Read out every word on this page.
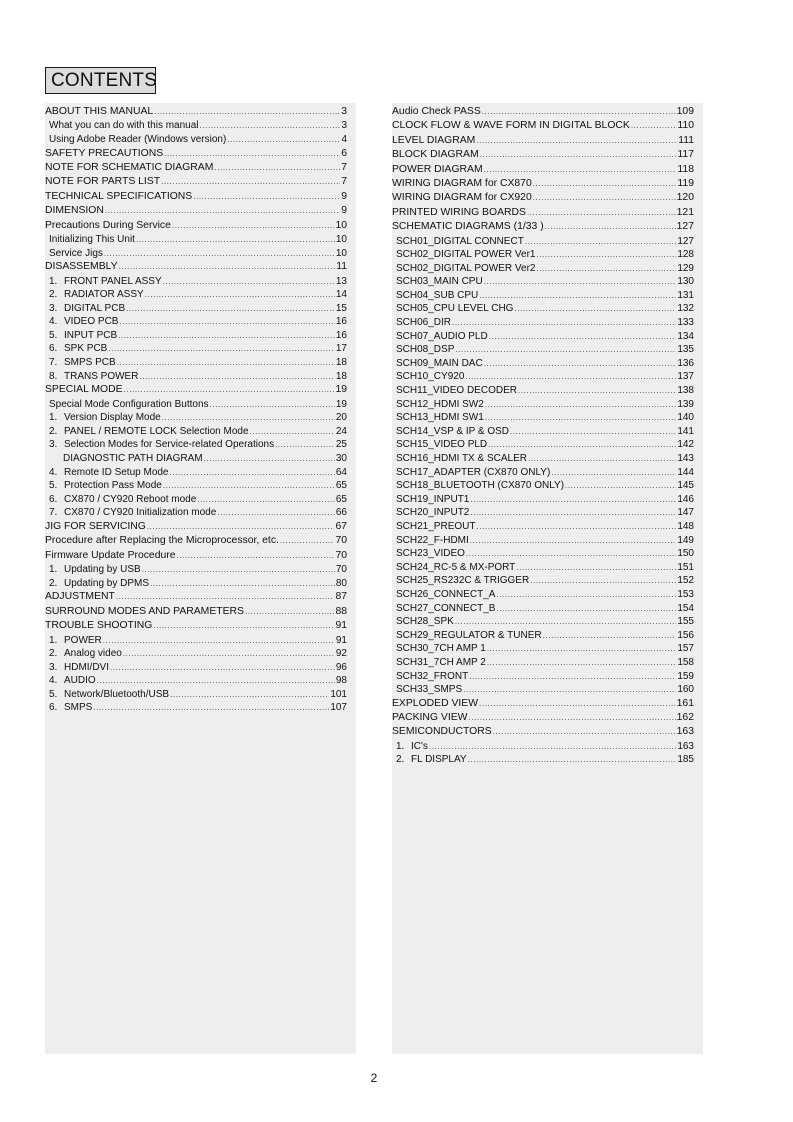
CONTENTS
ABOUT THIS MANUAL .....	3
What you can do with this manual .....	3
Using Adobe Reader (Windows version) .....	4
SAFETY PRECAUTIONS .....	6
NOTE FOR SCHEMATIC DIAGRAM .....	7
NOTE FOR PARTS LIST .....	7
TECHNICAL SPECIFICATIONS .....	9
DIMENSION .....	9
Precautions During Service .....	10
Initializing This Unit .....	10
Service Jigs .....	10
DISASSEMBLY .....	11
1. FRONT PANEL ASSY .....	13
2. RADIATOR ASSY .....	14
3. DIGITAL PCB .....	15
4. VIDEO PCB .....	16
5. INPUT PCB .....	16
6. SPK PCB .....	17
7. SMPS PCB .....	18
8. TRANS POWER .....	18
SPECIAL MODE .....	19
Special Mode Configuration Buttons .....	19
1. Version Display Mode .....	20
2. PANEL / REMOTE LOCK Selection Mode .....	24
3. Selection Modes for Service-related Operations .....	25
DIAGNOSTIC PATH DIAGRAM .....	30
4. Remote ID Setup Mode .....	64
5. Protection Pass Mode .....	65
6. CX870 / CY920 Reboot mode .....	65
7. CX870 / CY920 Initialization mode .....	66
JIG FOR SERVICING .....	67
Procedure after Replacing the Microprocessor, etc. .....	70
Firmware Update Procedure .....	70
1. Updating by USB .....	70
2. Updating by DPMS .....	80
ADJUSTMENT .....	87
SURROUND MODES AND PARAMETERS .....	88
TROUBLE SHOOTING .....	91
1. POWER .....	91
2. Analog video .....	92
3. HDMI/DVI .....	96
4. AUDIO .....	98
5. Network/Bluetooth/USB .....	101
6. SMPS .....	107
Audio Check PASS .....	109
CLOCK FLOW & WAVE FORM IN DIGITAL BLOCK .....	110
LEVEL DIAGRAM .....	111
BLOCK DIAGRAM .....	117
POWER DIAGRAM .....	118
WIRING DIAGRAM for CX870 .....	119
WIRING DIAGRAM for CX920 .....	120
PRINTED WIRING BOARDS .....	121
SCHEMATIC DIAGRAMS (1/33 ) .....	127
SCH01_DIGITAL CONNECT .....	127
SCH02_DIGITAL POWER Ver1 .....	128
SCH02_DIGITAL POWER Ver2 .....	129
SCH03_MAIN CPU .....	130
SCH04_SUB CPU .....	131
SCH05_CPU LEVEL CHG .....	132
SCH06_DIR .....	133
SCH07_AUDIO PLD .....	134
SCH08_DSP .....	135
SCH09_MAIN DAC .....	136
SCH10_CY920 .....	137
SCH11_VIDEO DECODER .....	138
SCH12_HDMI SW2 .....	139
SCH13_HDMI SW1 .....	140
SCH14_VSP & IP & OSD .....	141
SCH15_VIDEO PLD .....	142
SCH16_HDMI TX & SCALER .....	143
SCH17_ADAPTER (CX870 ONLY) .....	144
SCH18_BLUETOOTH (CX870 ONLY) .....	145
SCH19_INPUT1 .....	146
SCH20_INPUT2 .....	147
SCH21_PREOUT .....	148
SCH22_F-HDMI .....	149
SCH23_VIDEO .....	150
SCH24_RC-5 & MX-PORT .....	151
SCH25_RS232C & TRIGGER .....	152
SCH26_CONNECT_A .....	153
SCH27_CONNECT_B .....	154
SCH28_SPK .....	155
SCH29_REGULATOR & TUNER .....	156
SCH30_7CH AMP 1 .....	157
SCH31_7CH AMP 2 .....	158
SCH32_FRONT .....	159
SCH33_SMPS .....	160
EXPLODED VIEW .....	161
PACKING VIEW .....	162
SEMICONDUCTORS .....	163
1. IC's .....	163
2. FL DISPLAY .....	185
2
